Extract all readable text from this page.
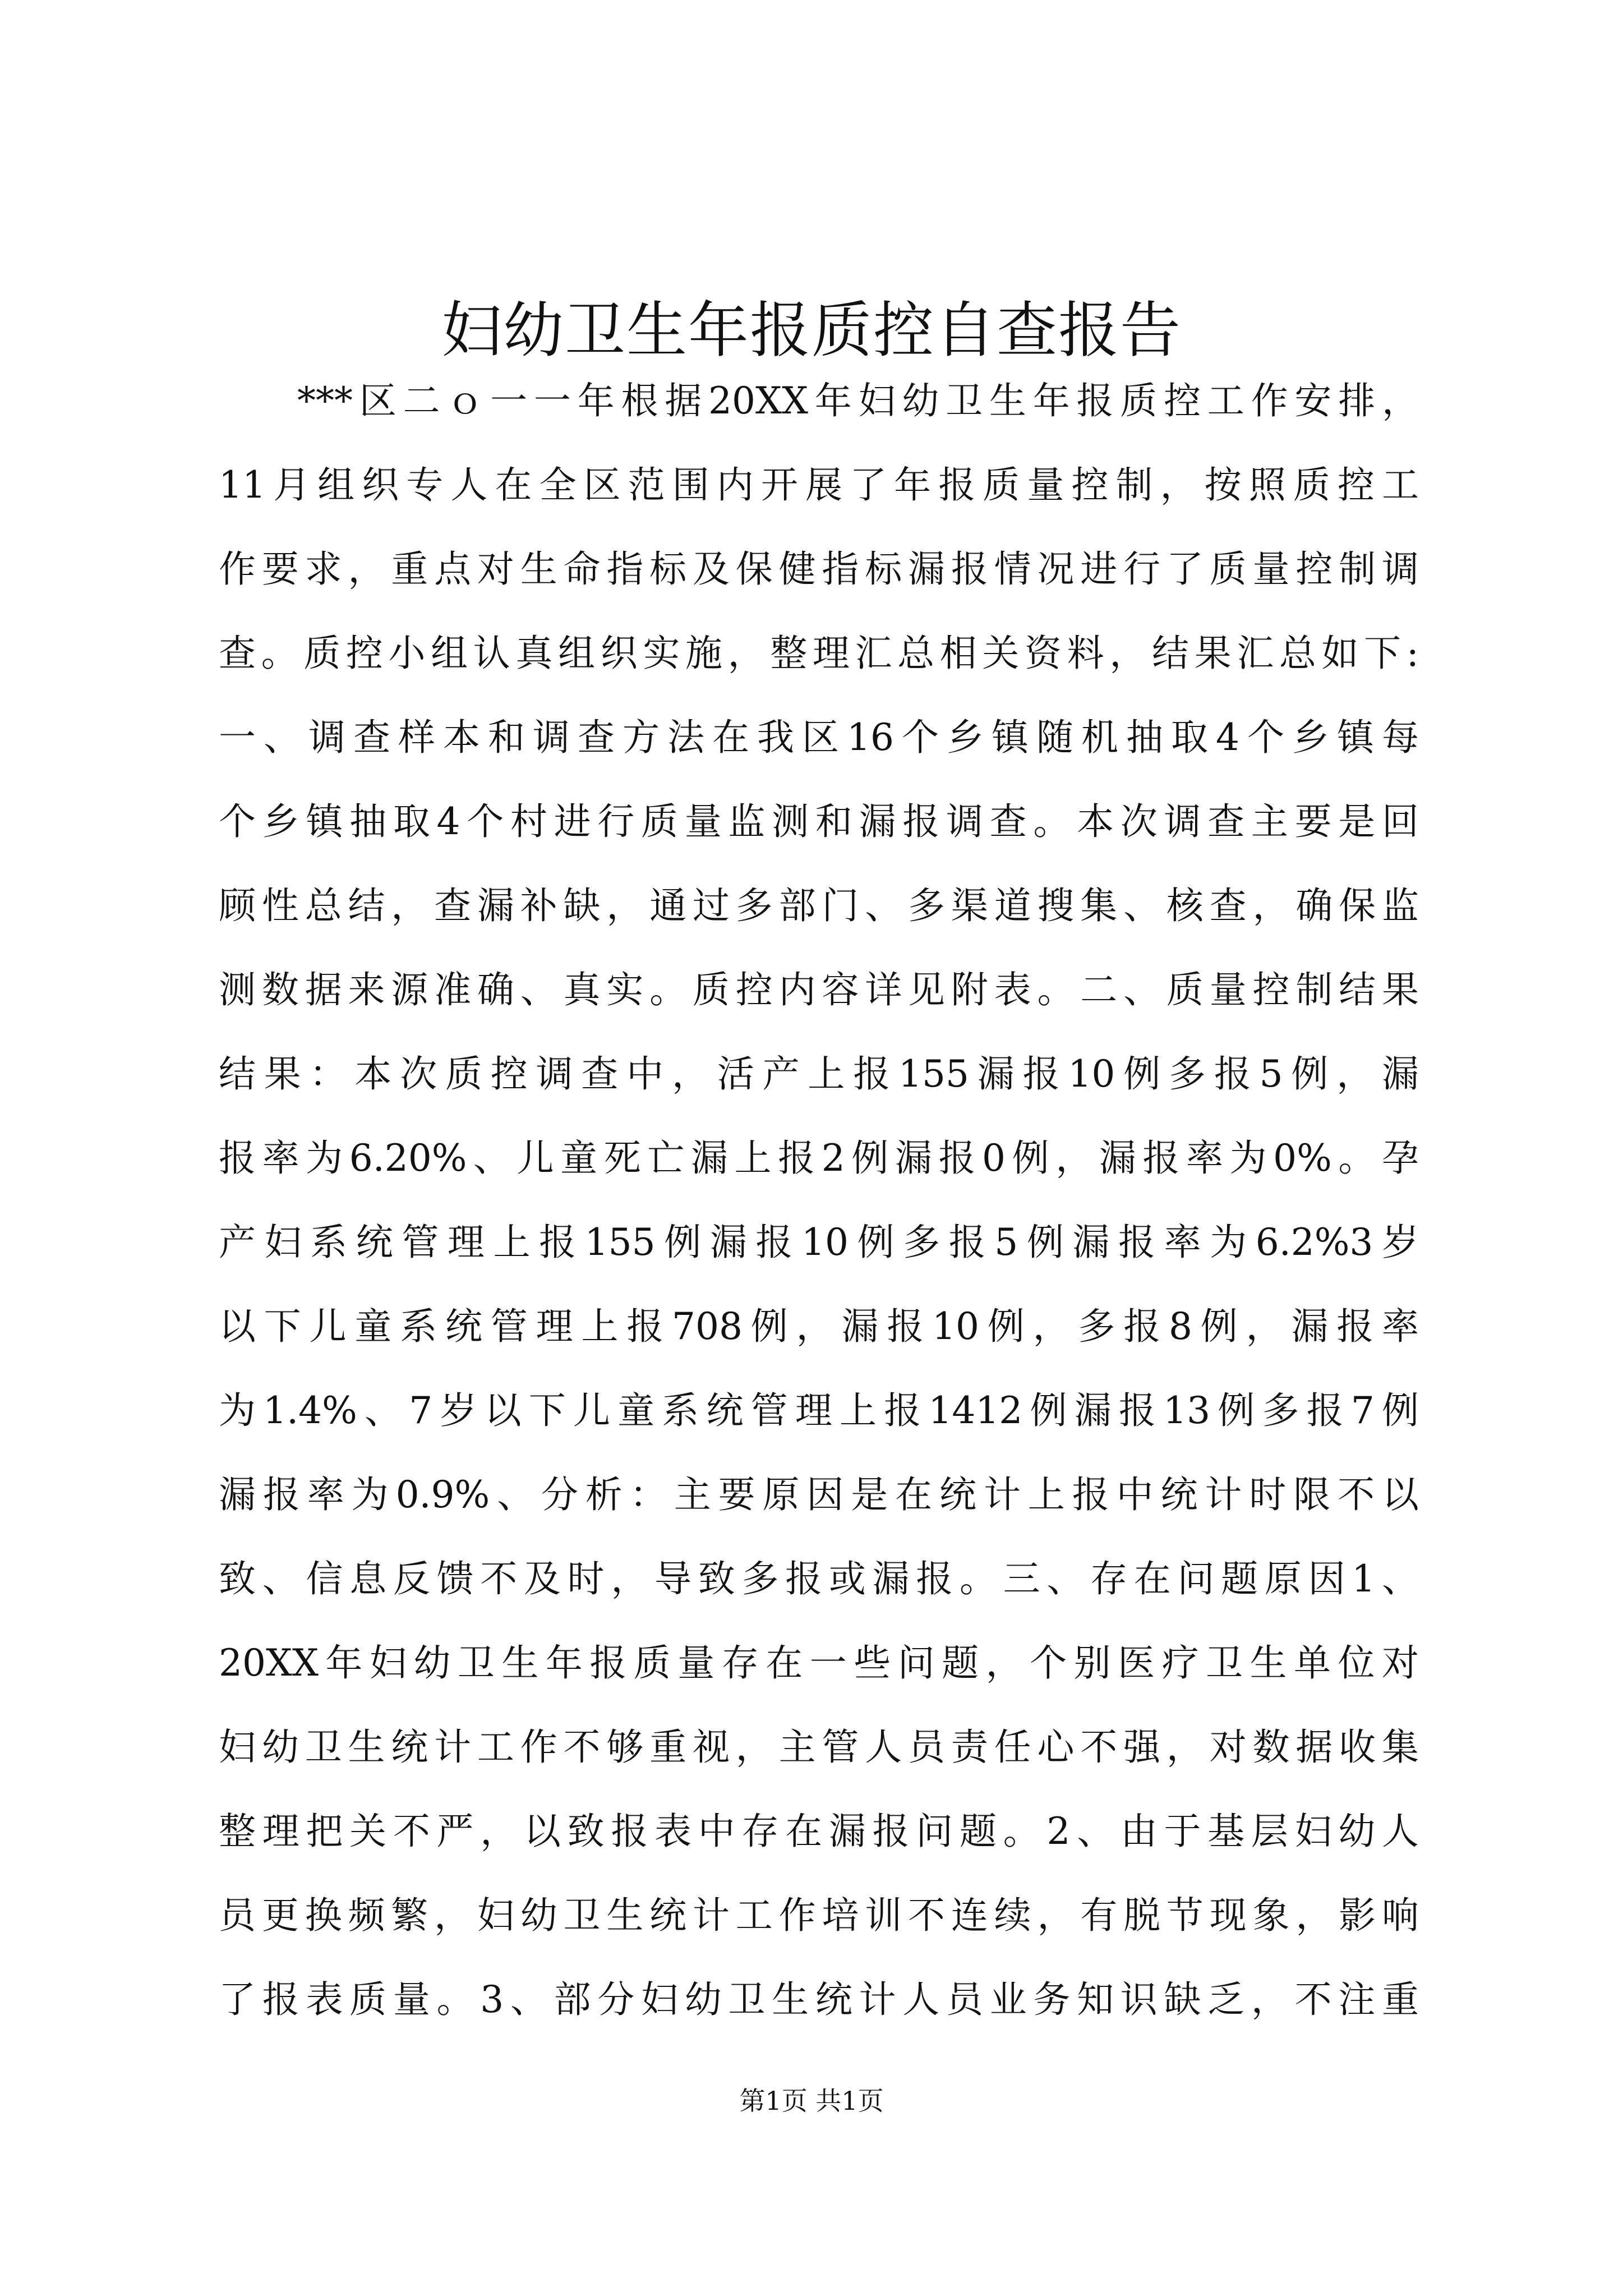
妇幼卫生年报质控自查报告
***区二ｏ一一年根据20XX年妇幼卫生年报质控工作安排，
11月组织专人在全区范围内开展了年报质量控制，按照质控工
作要求，重点对生命指标及保健指标漏报情况进行了质量控制调
查。质控小组认真组织实施，整理汇总相关资料，结果汇总如下:
一、调查样本和调查方法在我区16个乡镇随机抽取4个乡镇每
个乡镇抽取4个村进行质量监测和漏报调查。本次调查主要是回
顾性总结，查漏补缺，通过多部门、多渠道搜集、核查，确保监
测数据来源准确、真实。质控内容详见附表。二、质量控制结果
结果：本次质控调查中，活产上报155漏报10例多报5例，漏
报率为6.20%、儿童死亡漏上报2例漏报0例，漏报率为0%。孕
产妇系统管理上报155例漏报10例多报5例漏报率为6.2%3岁
以下儿童系统管理上报708例，漏报10例，多报8例，漏报率
为1.4%、7岁以下儿童系统管理上报1412例漏报13例多报7例
漏报率为0.9%、分析：主要原因是在统计上报中统计时限不以
致、信息反馈不及时，导致多报或漏报。三、存在问题原因1、
20XX年妇幼卫生年报质量存在一些问题，个别医疗卫生单位对
妇幼卫生统计工作不够重视，主管人员责任心不强，对数据收集
整理把关不严，以致报表中存在漏报问题。2、由于基层妇幼人
员更换频繁，妇幼卫生统计工作培训不连续，有脱节现象，影响
了报表质量。3、部分妇幼卫生统计人员业务知识缺乏，不注重
第1页 共1页
